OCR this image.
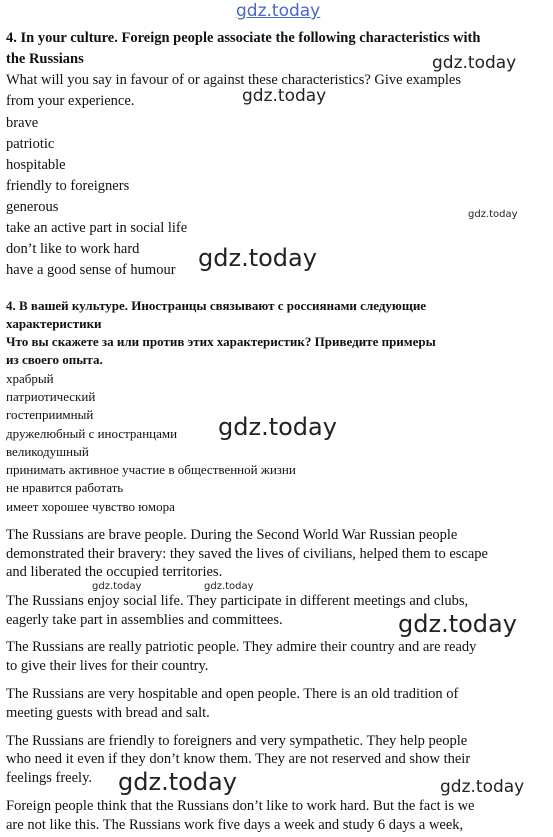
gdz.today
gdz.today
gdz.today
gdz.today
gdz.today
gdz.today
gdz.today	gdz.today
gdz.today
gdz.today	gdz.today
4. In your culture. Foreign people associate the following characteristics with
the Russians
What will you say in favour of or against these characteristics? Give examples
from your experience.
brave
patriotic
hospitable
friendly to foreigners
generous
take an active part in social life
don’t like to work hard
have a good sense of humour
4. В вашей культуре. Иностранцы связывают с россиянами следующие
характеристики
Что вы скажете за или против этих характеристик? Приведите примеры
из своего опыта.
храбрый
патриотический
гостеприимный
дружелюбный с иностранцами
великодушный
принимать активное участие в общественной жизни
не нравится работать
имеет хорошее чувство юмора
The Russians are brave people. During the Second World War Russian people
demonstrated their bravery: they saved the lives of civilians, helped them to escape
and liberated the occupied territories.
The Russians enjoy social life. They participate in different meetings and clubs,
eagerly take part in assemblies and committees.
The Russians are really patriotic people. They admire their country and are ready
to give their lives for their country.
The Russians are very hospitable and open people. There is an old tradition of
meeting guests with bread and salt.
The Russians are friendly to foreigners and very sympathetic. They help people
who need it even if they don’t know them. They are not reserved and show their
feelings freely.
Foreign people think that the Russians don’t like to work hard. But the fact is we
are not like this. The Russians work five days a week and study 6 days a week,
